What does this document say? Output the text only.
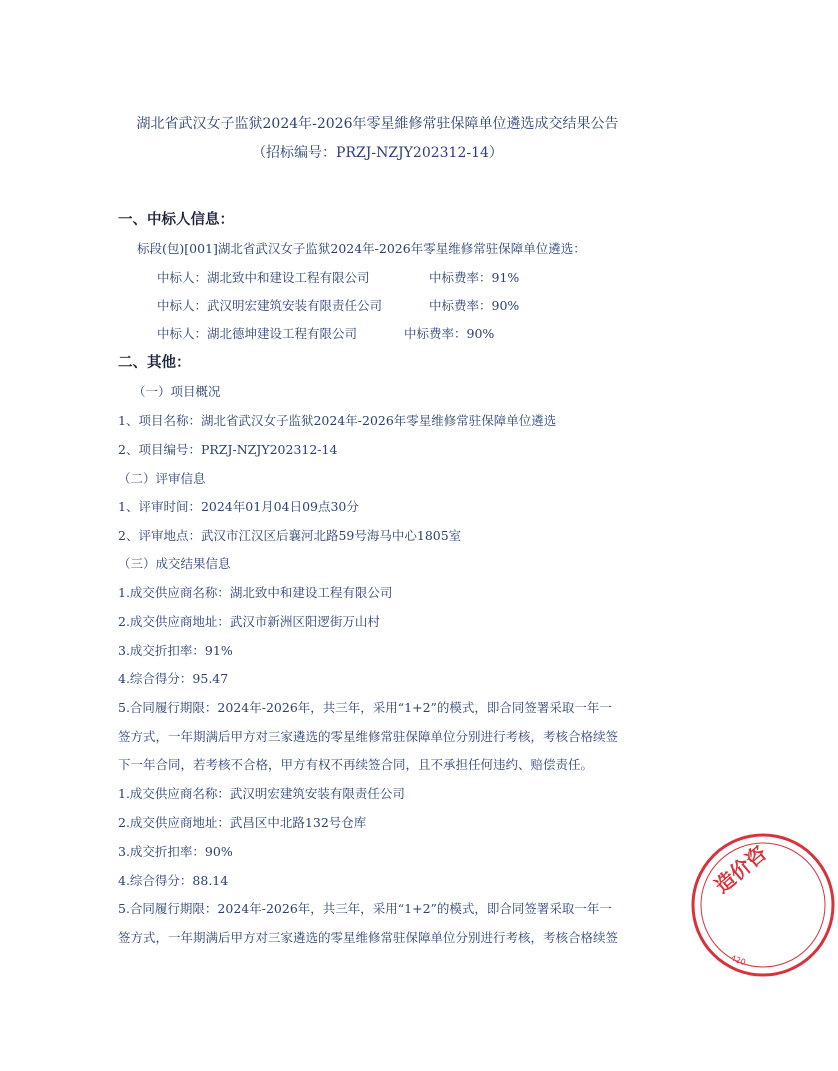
湖北省武汉女子监狱2024年-2026年零星維修常驻保障单位遴选成交结果公告
（招标编号：PRZJ-NZJY202312-14）
一、中标人信息：
标段(包)[001]湖北省武汉女子监狱2024年-2026年零星维修常驻保障单位遴选：
中标人：湖北致中和建设工程有限公司	中标费率：91%
中标人：武汉明宏建筑安装有限责任公司	中标费率：90%
中标人：湖北德坤建设工程有限公司	中标费率：90%
二、其他：
（一）项目概况
1、项目名称：湖北省武汉女子监狱2024年-2026年零星维修常驻保障单位遴选
2、项目编号：PRZJ-NZJY202312-14
（二）评审信息
1、评审时间：2024年01月04日09点30分
2、评审地点：武汉市江汉区后襄河北路59号海马中心1805室
（三）成交结果信息
1.成交供应商名称：湖北致中和建设工程有限公司
2.成交供应商地址：武汉市新洲区阳逻街万山村
3.成交折扣率：91%
4.综合得分：95.47
5.合同履行期限：2024年-2026年，共三年，采用“1+2”的模式，即合同签署采取一年一
签方式，一年期满后甲方对三家遴选的零星维修常驻保障单位分别进行考核，考核合格续签
下一年合同，若考核不合格，甲方有权不再续签合同，且不承担任何违约、赔偿责任。
1.成交供应商名称：武汉明宏建筑安装有限责任公司
2.成交供应商地址：武昌区中北路132号仓库
3.成交折扣率：90%
4.综合得分：88.14
5.合同履行期限：2024年-2026年，共三年，采用“1+2”的模式，即合同签署采取一年一
签方式，一年期满后甲方对三家遴选的零星维修常驻保障单位分别进行考核，考核合格续签
造价咨
420
